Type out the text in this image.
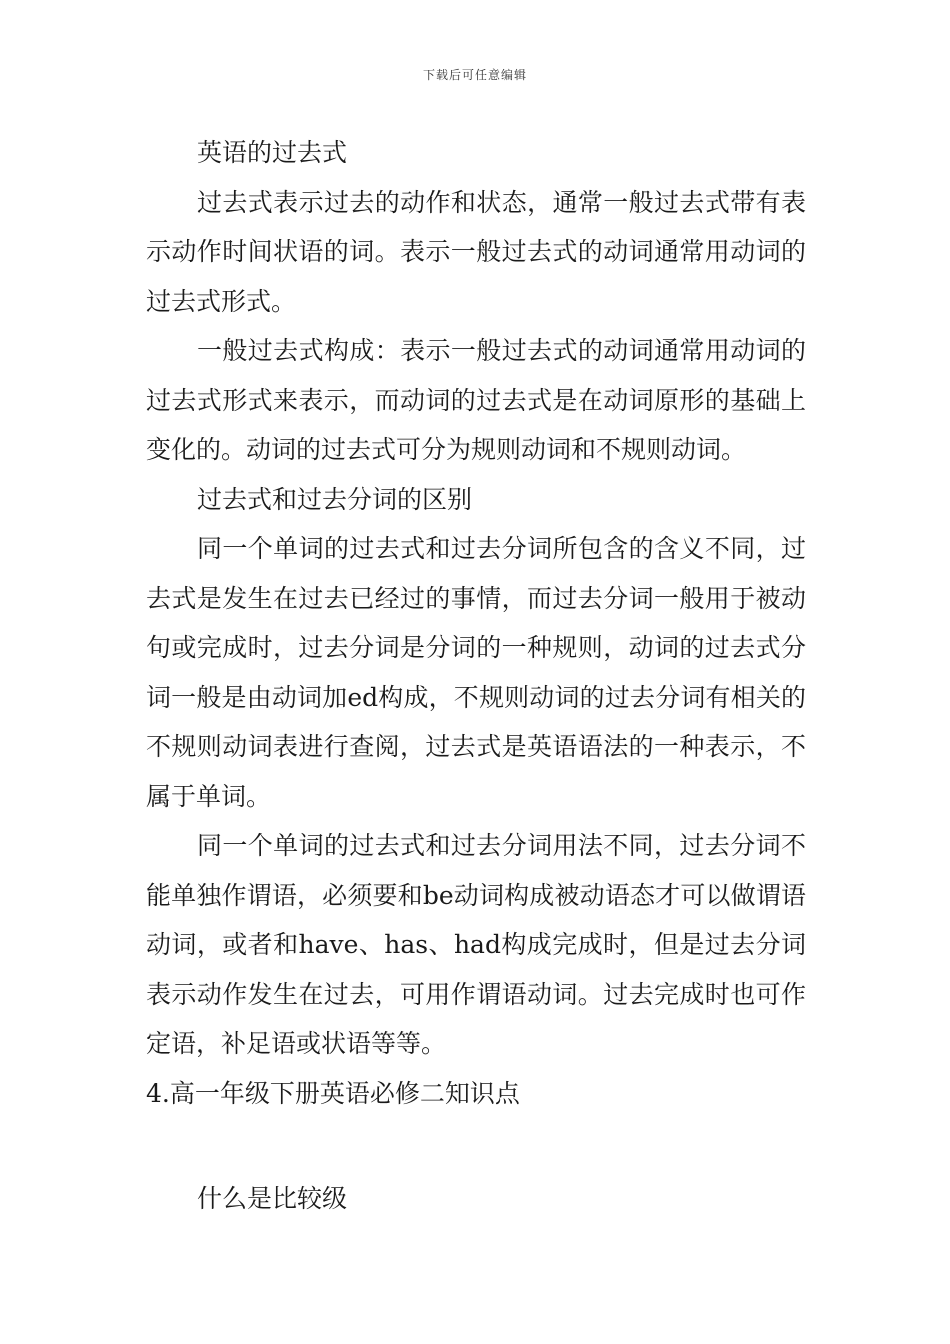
下载后可任意编辑

英语的过去式

过去式表示过去的动作和状态，通常一般过去式带有表示动作时间状语的词。表示一般过去式的动词通常用动词的过去式形式。

一般过去式构成：表示一般过去式的动词通常用动词的过去式形式来表示，而动词的过去式是在动词原形的基础上变化的。动词的过去式可分为规则动词和不规则动词。

过去式和过去分词的区别

同一个单词的过去式和过去分词所包含的含义不同，过去式是发生在过去已经过的事情，而过去分词一般用于被动句或完成时，过去分词是分词的一种规则，动词的过去式分词一般是由动词加ed构成，不规则动词的过去分词有相关的不规则动词表进行查阅，过去式是英语语法的一种表示，不属于单词。

同一个单词的过去式和过去分词用法不同，过去分词不能单独作谓语，必须要和be动词构成被动语态才可以做谓语动词，或者和have、has、had构成完成时，但是过去分词表示动作发生在过去，可用作谓语动词。过去完成时也可作定语，补足语或状语等等。

4.高一年级下册英语必修二知识点

什么是比较级
